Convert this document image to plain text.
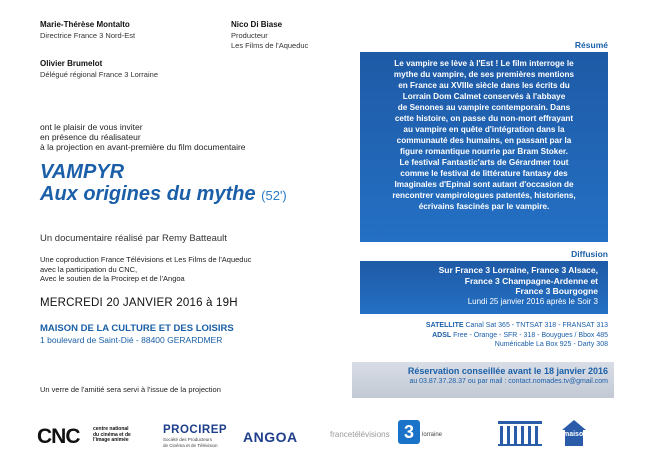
Marie-Thérèse Montalto
Directrice France 3 Nord-Est
Nico Di Biase
Producteur
Les Films de l'Aqueduc
Olivier Brumelot
Délégué régional France 3 Lorraine
ont le plaisir de vous inviter
en présence du réalisateur
à la projection en avant-première du film documentaire
VAMPYR
Aux origines du mythe (52')
Un documentaire réalisé par Remy Batteault
Une coproduction France Télévisions et Les Films de l'Aqueduc
avec la participation du CNC,
Avec le soutien de la Procirep et de l'Angoa
MERCREDI 20 JANVIER 2016 à 19H
MAISON DE LA CULTURE ET DES LOISIRS
1 boulevard de Saint-Dié - 88400 GERARDMER
Un verre de l'amitié sera servi à l'issue de la projection
Résumé
Le vampire se lève à l'Est ! Le film interroge le
mythe du vampire, de ses premières mentions
en France au XVIIIe siècle dans les écrits du
Lorrain Dom Calmet conservés à l'abbaye
de Senones au vampire contemporain. Dans
cette histoire, on passe du non-mort effrayant
au vampire en quête d'intégration dans la
communauté des humains, en passant par la
figure romantique nourrie par Bram Stoker.
Le festival Fantastic'arts de Gérardmer tout
comme le festival de littérature fantasy des
Imaginales d'Epinal sont autant d'occasion de
rencontrer vampirologues patentés, historiens,
écrivains fascinés par le vampire.
Diffusion
Sur France 3 Lorraine, France 3 Alsace,
France 3 Champagne-Ardenne et
France 3 Bourgogne
Lundi 25 janvier 2016 après le Soir 3
SATELLITE Canal Sat 365 - TNTSAT 318 - FRANSAT 313
ADSL Free - Orange - SFR - 318 - Bouygues / Bbox 485
Numéricable La Box 925 - Darty 308
Réservation conseillée avant le 18 janvier 2016
au 03.87.37.28.37 ou par mail : contact.nomades.tv@gmail.com
CNC	centre national
du cinéma et de
l'image animée
PROCIREP
Société des Producteurs
de Cinéma et de Télévision ANGOA	francetélévisions 3	lorraine	maison
